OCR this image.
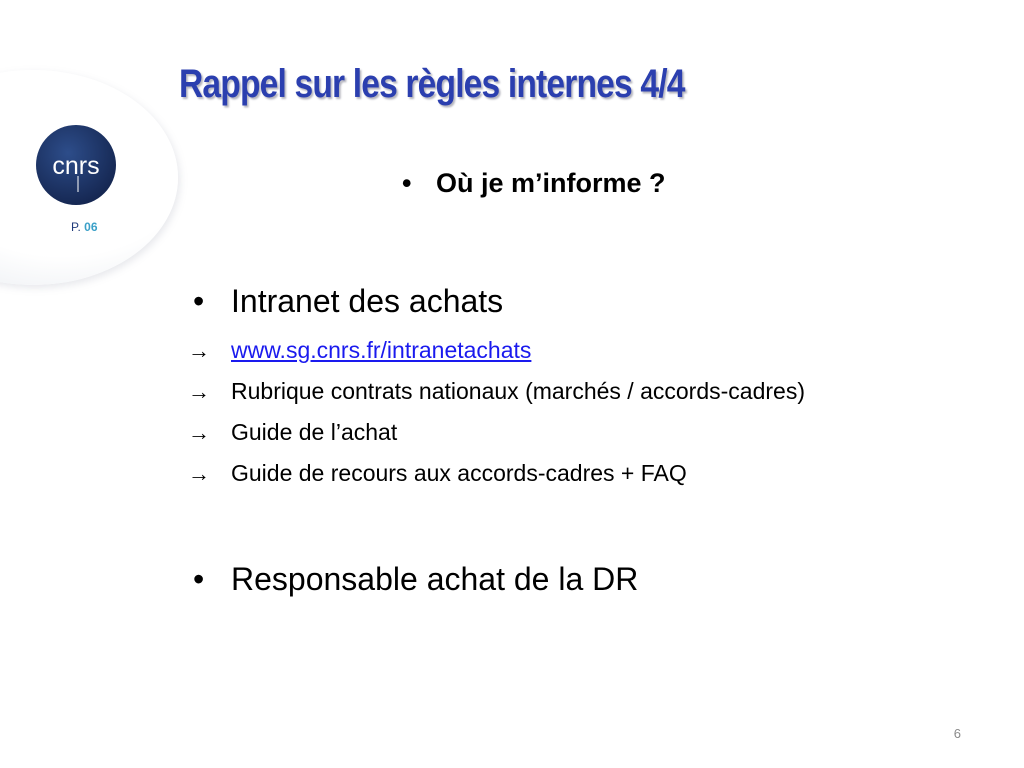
cnrs
P. 06
Rappel sur les règles internes 4/4
• Où je m’informe ?
• Intranet des achats
→ www.sg.cnrs.fr/intranetachats
→ Rubrique contrats nationaux (marchés / accords-cadres)
→ Guide de l’achat
→ Guide de recours aux accords-cadres + FAQ
• Responsable achat de la DR
6
